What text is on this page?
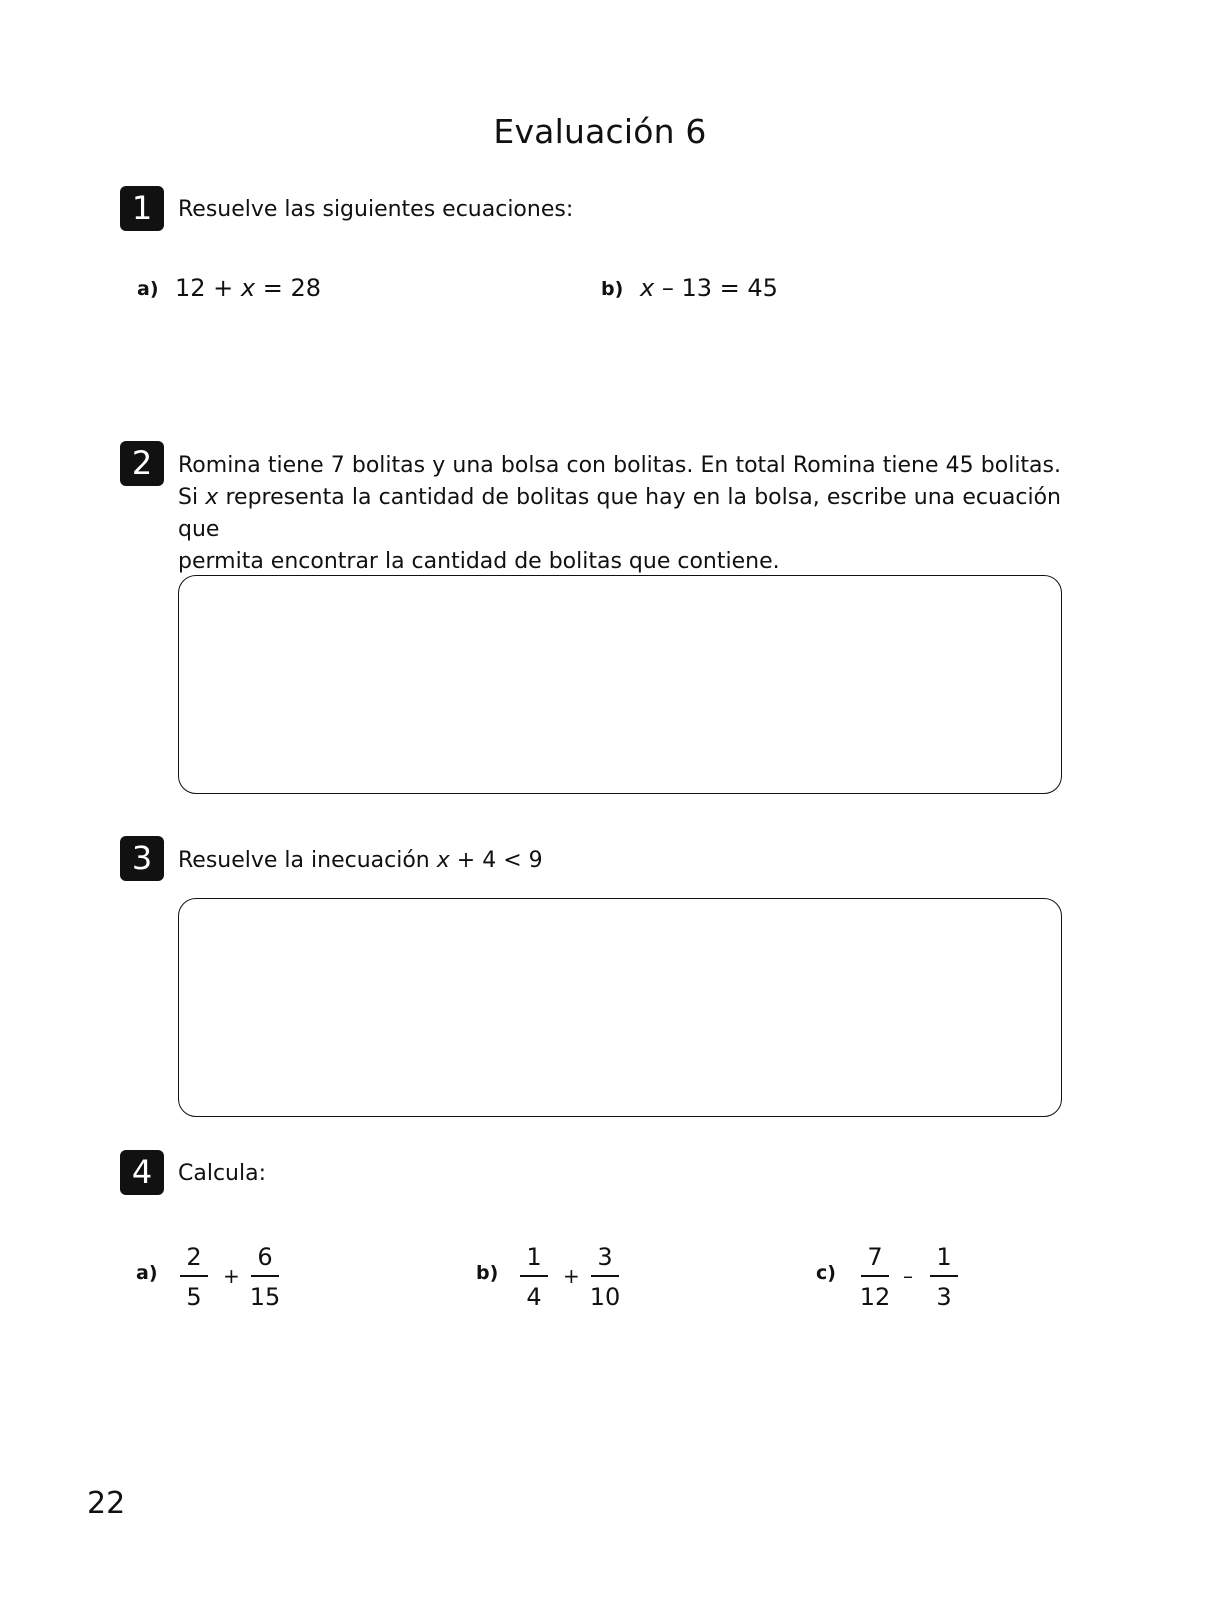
Evaluación 6
1	Resuelve las siguientes ecuaciones:
a) 12 + x = 28	b) x – 13 = 45
2	Romina tiene 7 bolitas y una bolsa con bolitas. En total Romina tiene 45 bolitas.
Si x representa la cantidad de bolitas que hay en la bolsa, escribe una ecuación que
permita encontrar la cantidad de bolitas que contiene.
3	Resuelve la inecuación x + 4 < 9
4	Calcula:
a)
2
5
+
6
15
b)
1
4
+
3
10
c)
7
12
–
1
3
22
